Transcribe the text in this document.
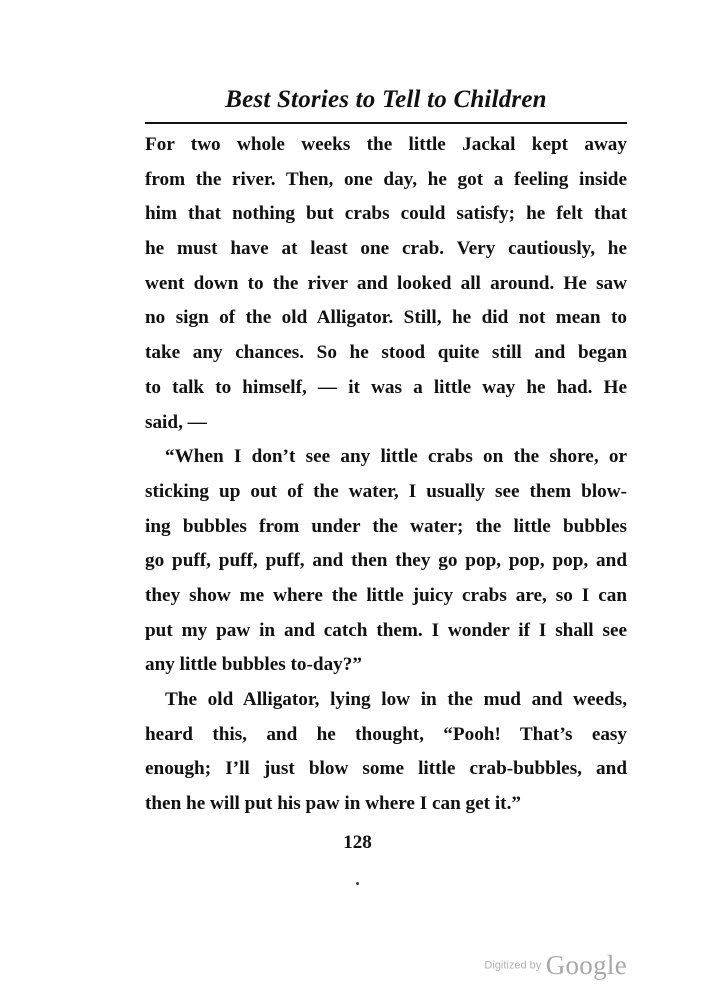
Best Stories to Tell to Children
For two whole weeks the little Jackal kept away
from the river. Then, one day, he got a feeling inside
him that nothing but crabs could satisfy; he felt that
he must have at least one crab. Very cautiously, he
went down to the river and looked all around. He saw
no sign of the old Alligator. Still, he did not mean to
take any chances. So he stood quite still and began
to talk to himself, — it was a little way he had. He
said, —
“When I don’t see any little crabs on the shore, or
sticking up out of the water, I usually see them blow-
ing bubbles from under the water; the little bubbles
go puff, puff, puff, and then they go pop, pop, pop, and
they show me where the little juicy crabs are, so I can
put my paw in and catch them. I wonder if I shall see
any little bubbles to-day?”
The old Alligator, lying low in the mud and weeds,
heard this, and he thought, “Pooh! That’s easy
enough; I’ll just blow some little crab-bubbles, and
then he will put his paw in where I can get it.”
128
Digitized by Google
